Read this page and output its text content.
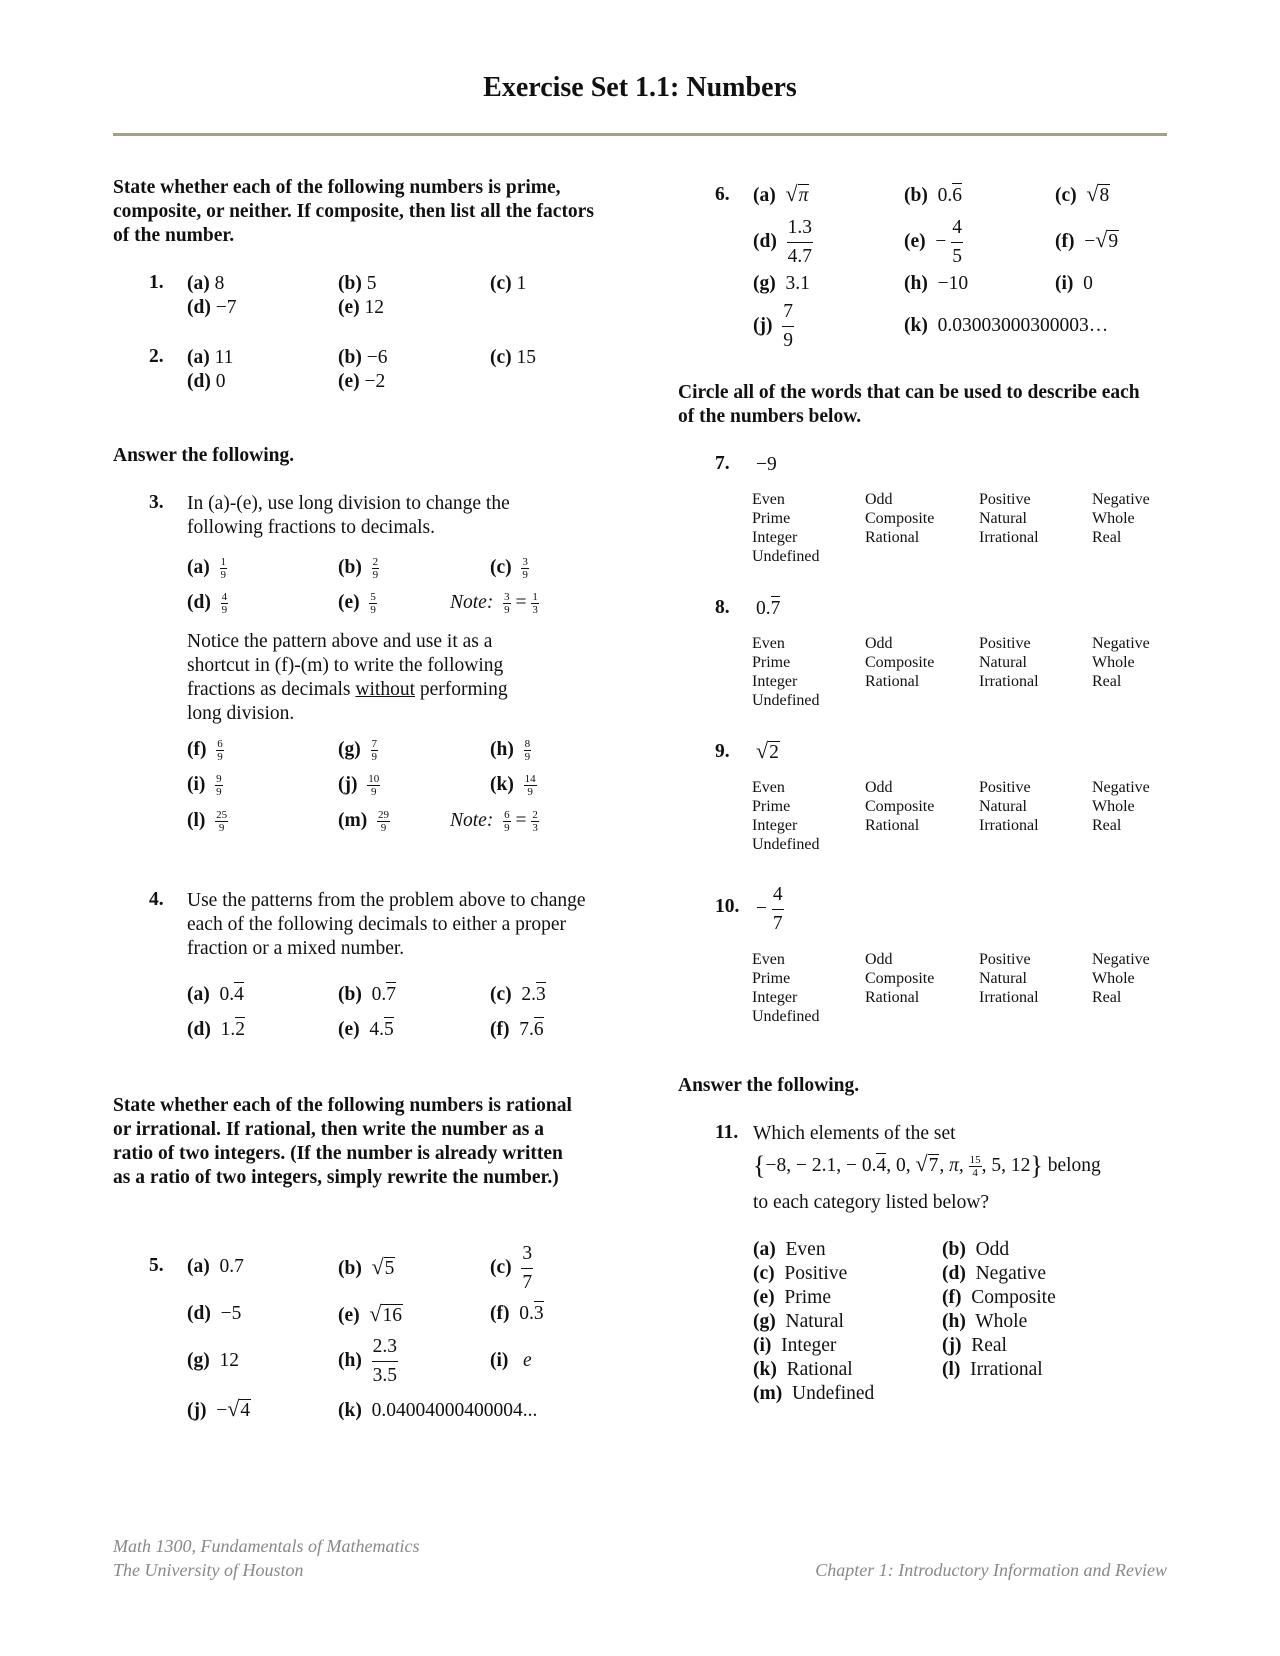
Exercise Set 1.1: Numbers
State whether each of the following numbers is prime, composite, or neither. If composite, then list all the factors of the number.
1. (a) 8	(b) 5	(c) 1
(d) −7	(e) 12
2. (a) 11	(b) −6	(c) 15
(d) 0	(e) −2
Answer the following.
3. In (a)-(e), use long division to change the following fractions to decimals.
$(a) \frac{1}{9}$	$(b) \frac{2}{9}$	$(c) \frac{3}{9}$
$(d) \frac{4}{9}$	$(e) \frac{5}{9}$	Note: $\frac{3}{9} = \frac{1}{3}$
Notice the pattern above and use it as a
shortcut in (f)-(m) to write the following
fractions as decimals without performing
long division.
$(f) \frac{6}{9}$	$(g) \frac{7}{9}$	$(h) \frac{8}{9}$
$(i) \frac{9}{9}$	$(j) \frac{10}{9}$	$(k) \frac{14}{9}$
$(l) \frac{25}{9}$	$(m) \frac{29}{9}$	Note: $\frac{6}{9} = \frac{2}{3}$
4. Use the patterns from the problem above to change each of the following decimals to either a proper fraction or a mixed number.
(a) 0.4	(b) 0.7	(c) 2.3
(d) 1.2	(e) 4.5	(f) 7.6
State whether each of the following numbers is rational or irrational. If rational, then write the number as a ratio of two integers. (If the number is already written as a ratio of two integers, simply rewrite the number.)
5. (a) 0.7	(b) √5	$(c) \frac{3}{7}$
(d) −5	(e) √16	(f) 0.3
(g) 12	$(h) \frac{2.3}{3.5}$	(i) e
(j) −√4	(k) 0.04004000400004...
6. (a) √π	(b) 0.6	(c) √8
$(d) \frac{1.3}{4.7}$	$(e) - \frac{4}{5}$	(f) −√9
(g) 3.1	(h) −10	(i) 0
$(j) \frac{7}{9}$	(k) 0.03003000300003…
Circle all of the words that can be used to describe each of the numbers below.
7. −9
Even	Odd	Positive	Negative
Prime	Composite	Natural	Whole
Integer	Rational	Irrational	Real
Undefined
8. 0.7
Even	Odd	Positive	Negative
Prime	Composite	Natural	Whole
Integer	Rational	Irrational	Real
Undefined
9. √2
Even	Odd	Positive	Negative
Prime	Composite	Natural	Whole
Integer	Rational	Irrational	Real
Undefined
10. − $\frac{4}{7}$
Even	Odd	Positive	Negative
Prime	Composite	Natural	Whole
Integer	Rational	Irrational	Real
Undefined
Answer the following.
11. Which elements of the set
{−8, − 2.1, − 0.4, 0, √7, π, $\frac{15}{4}$ , 5, 12} belong
to each category listed below?
(a) Even	(b) Odd
(c) Positive	(d) Negative
(e) Prime	(f) Composite
(g) Natural	(h) Whole
(i) Integer	(j) Real
(k) Rational	(l) Irrational
(m) Undefined
Math 1300, Fundamentals of Mathematics
The University of Houston	Chapter 1: Introductory Information and Review
